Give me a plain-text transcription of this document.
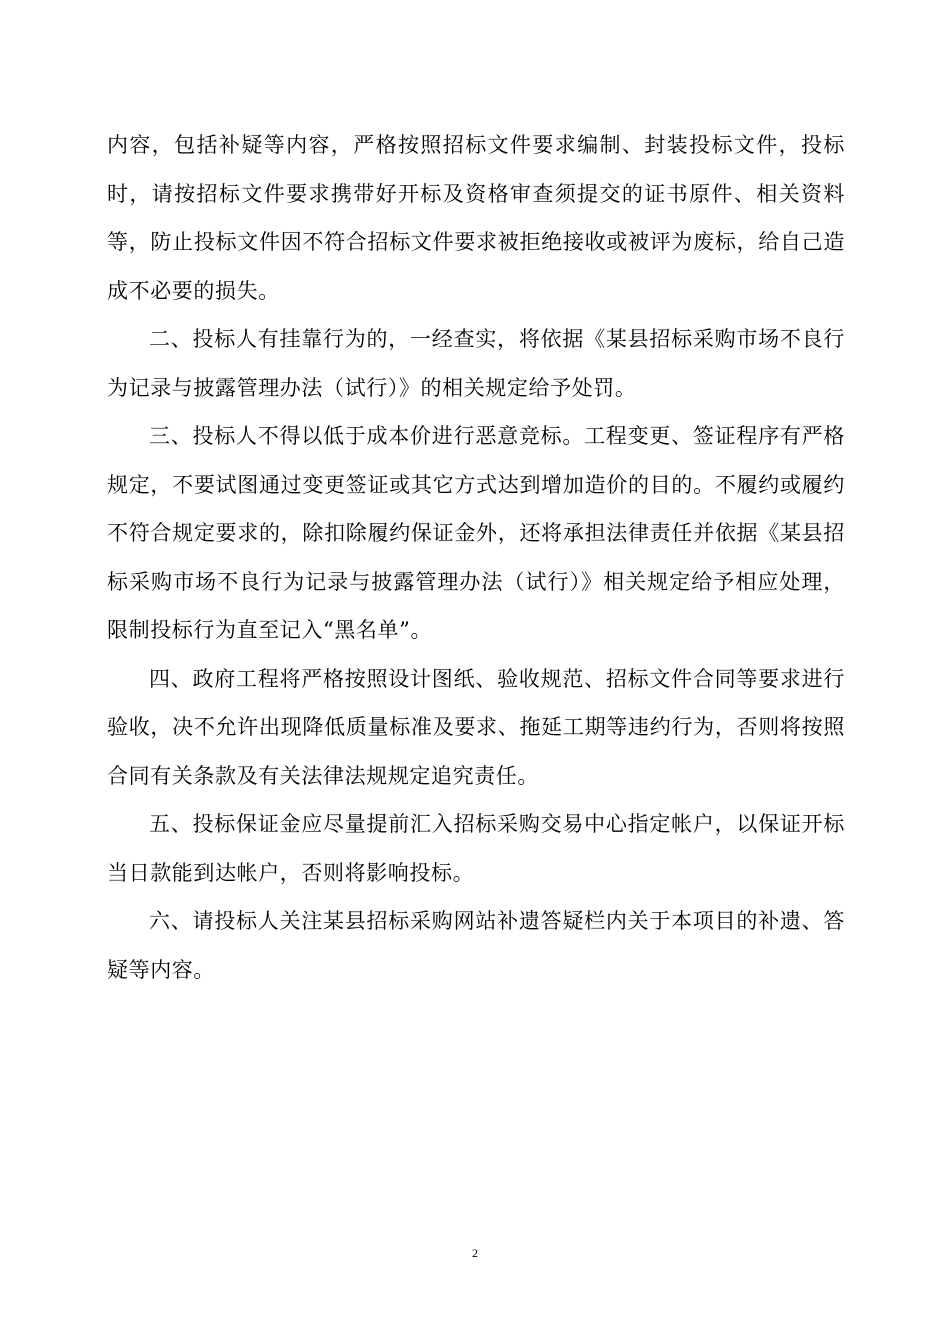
内容，包括补疑等内容，严格按照招标文件要求编制、封装投标文件，投标时，请按招标文件要求携带好开标及资格审查须提交的证书原件、相关资料等，防止投标文件因不符合招标文件要求被拒绝接收或被评为废标，给自己造成不必要的损失。

二、投标人有挂靠行为的，一经查实，将依据《某县招标采购市场不良行为记录与披露管理办法（试行）》的相关规定给予处罚。

三、投标人不得以低于成本价进行恶意竞标。工程变更、签证程序有严格规定，不要试图通过变更签证或其它方式达到增加造价的目的。不履约或履约不符合规定要求的，除扣除履约保证金外，还将承担法律责任并依据《某县招标采购市场不良行为记录与披露管理办法（试行）》相关规定给予相应处理，限制投标行为直至记入“黑名单”。

四、政府工程将严格按照设计图纸、验收规范、招标文件合同等要求进行验收，决不允许出现降低质量标准及要求、拖延工期等违约行为，否则将按照合同有关条款及有关法律法规规定追究责任。

五、投标保证金应尽量提前汇入招标采购交易中心指定帐户，以保证开标当日款能到达帐户，否则将影响投标。

六、请投标人关注某县招标采购网站补遗答疑栏内关于本项目的补遗、答疑等内容。

2
